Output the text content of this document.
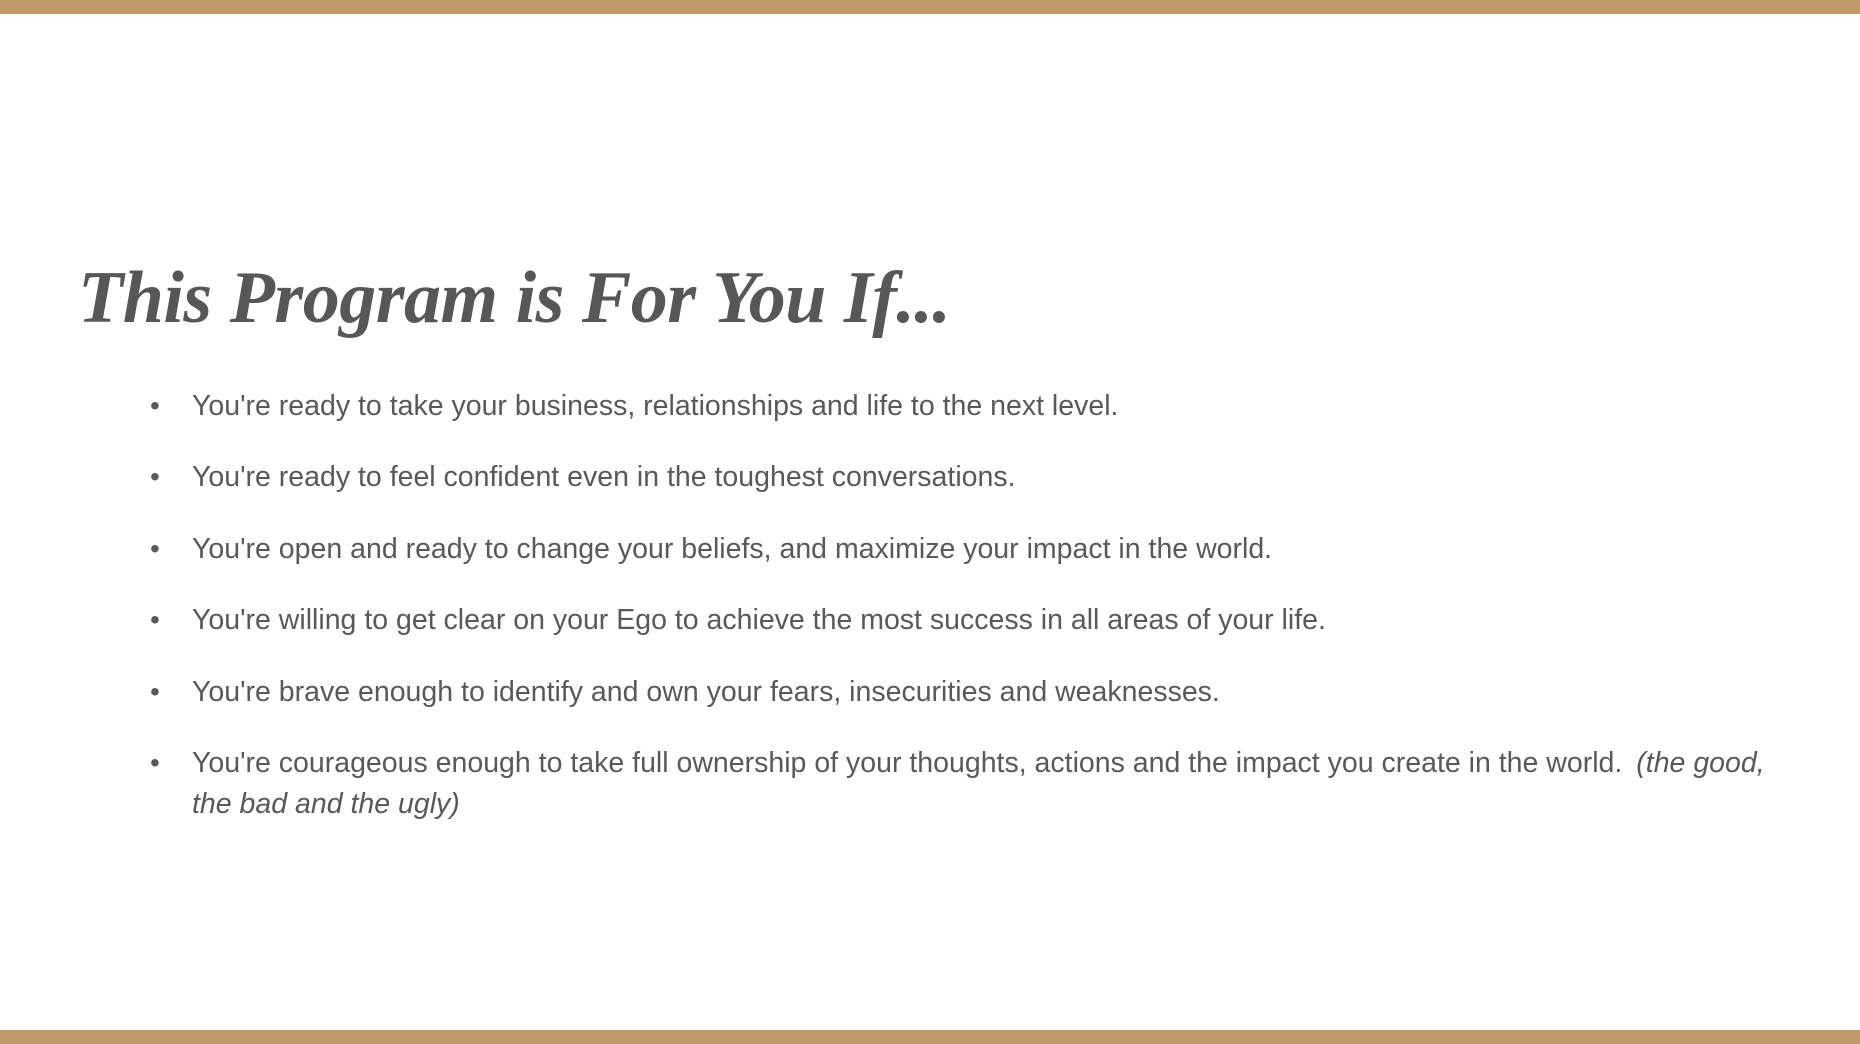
This Program is For You If...
• You're ready to take your business, relationships and life to the next level.
• You're ready to feel confident even in the toughest conversations.
• You're open and ready to change your beliefs, and maximize your impact in the world.
• You're willing to get clear on your Ego to achieve the most success in all areas of your life.
• You're brave enough to identify and own your fears, insecurities and weaknesses.
• You're courageous enough to take full ownership of your thoughts, actions and the impact you create in the world. (the good, the bad and the ugly)
